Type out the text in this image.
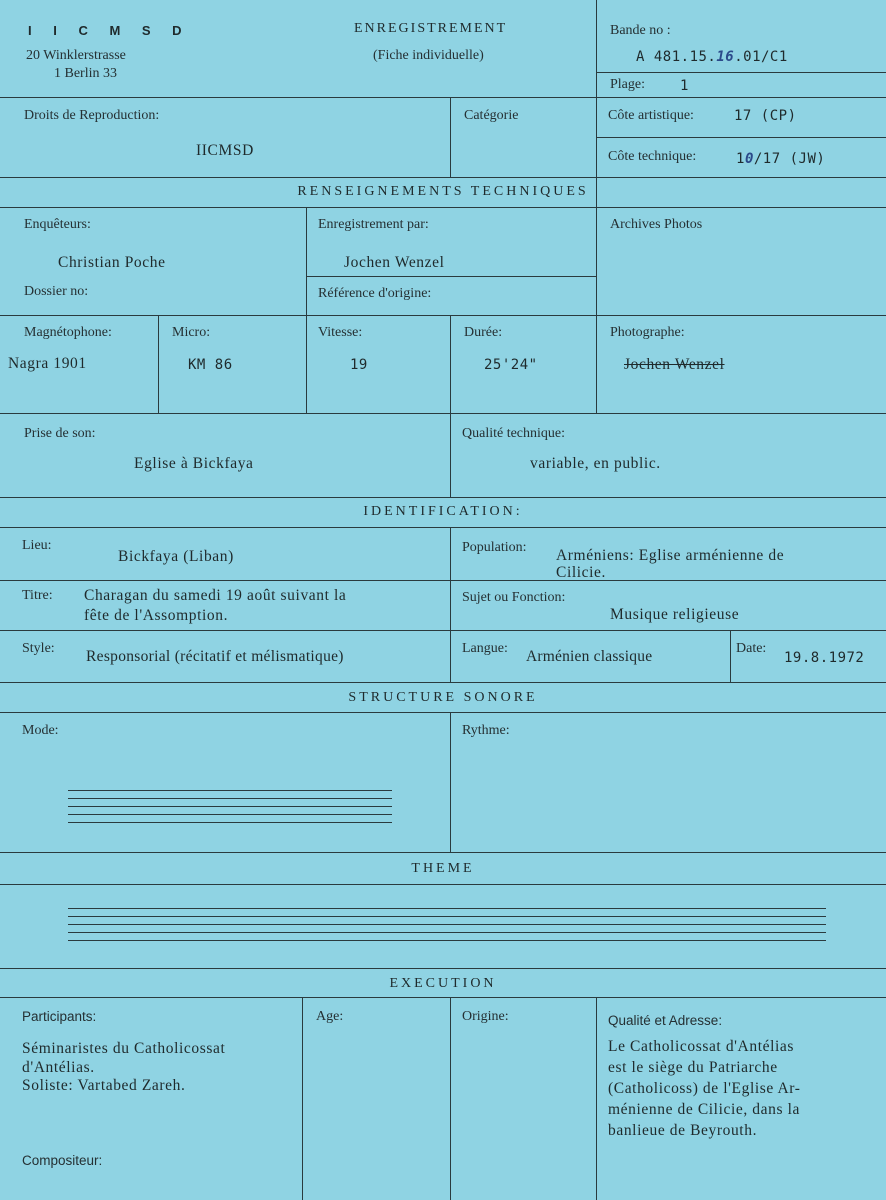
I I C M S D
20 Winklerstrasse
1 Berlin 33
ENREGISTREMENT
(Fiche individuelle)
Bande no :
A 481.15.16.01/C1
Plage:	1
Droits de Reproduction:
IICMSD
Catégorie	Côte artistique:	17 (CP)
Côte technique:	10/17 (JW)
RENSEIGNEMENTS TECHNIQUES
Enquêteurs:
Christian Poche
Enregistrement par:
Jochen Wenzel
Archives Photos
Dossier no:	Référence d'origine:
Magnétophone:
Nagra 1901
Micro:
KM 86
Vitesse:
19
Durée:
25'24"
Photographe:
Jochen Wenzel
Prise de son:
Eglise à Bickfaya
Qualité technique:
variable, en public.
IDENTIFICATION:
Lieu:
Bickfaya (Liban)
Population: Arméniens: Eglise arménienne de
Cilicie.
Titre: Charagan du samedi 19 août suivant la
fête de l'Assomption.
Sujet ou Fonction:
Musique religieuse
Style: Responsorial (récitatif et mélismatique)	Langue: Arménien classique	Date:
19.8.1972
STRUCTURE SONORE
Mode:	Rythme:
THEME
EXECUTION
Participants:
Séminaristes du Catholicossat
d'Antélias.
Soliste: Vartabed Zareh.
Age:	Origine:	Qualité et Adresse:
Le Catholicossat d'Antélias
est le siège du Patriarche
(Catholicoss) de l'Eglise Ar-
ménienne de Cilicie, dans la
banlieue de Beyrouth.
Compositeur:
